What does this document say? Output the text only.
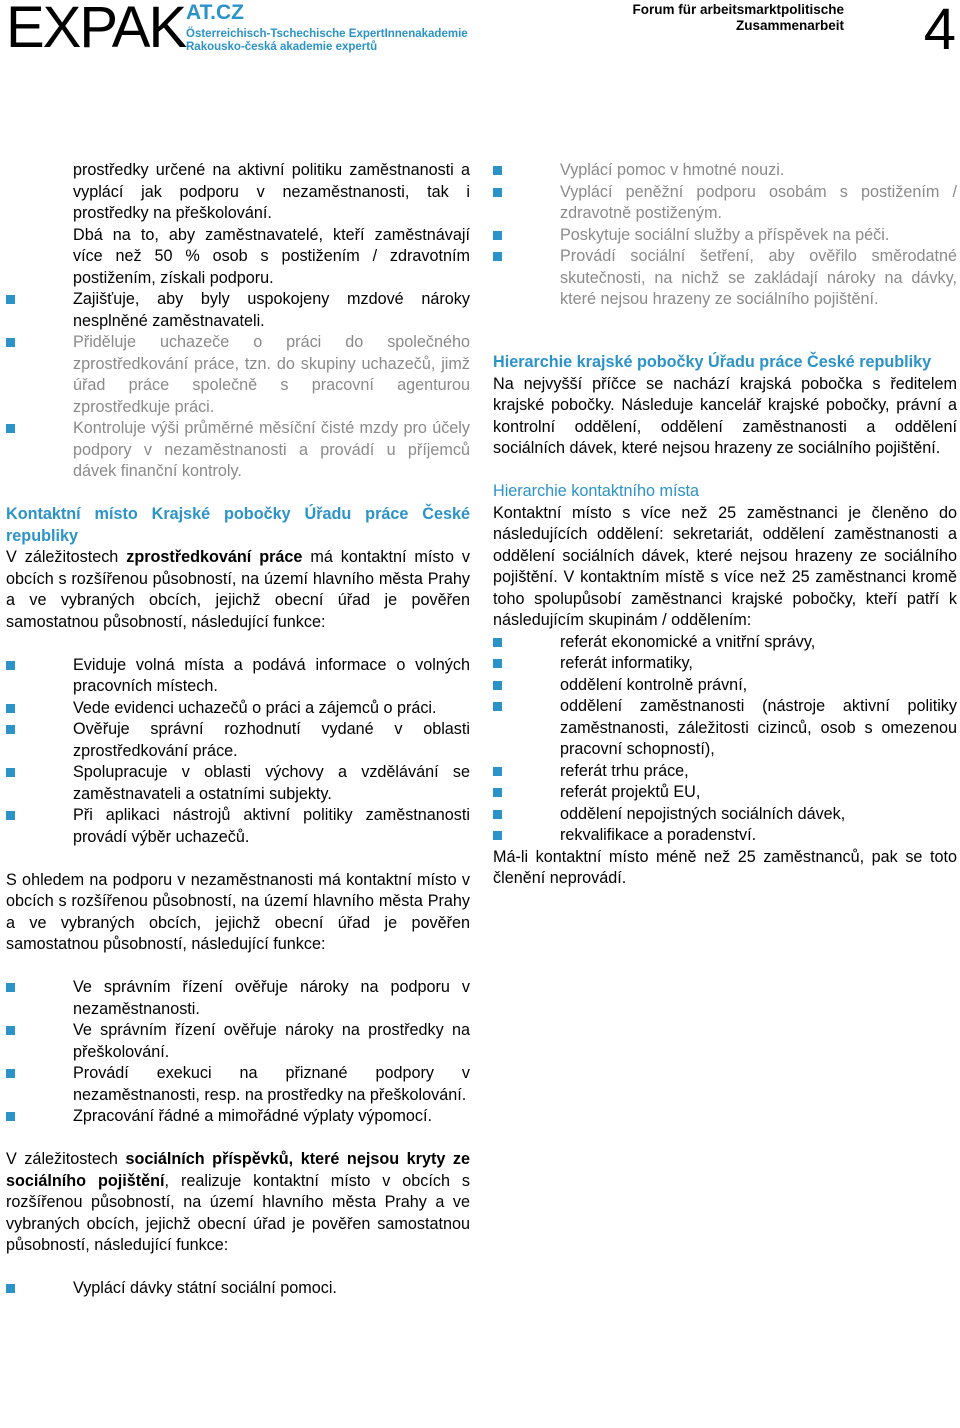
EXPAK AT.CZ
Österreichisch-Tschechische ExpertInnenakademie
Rakousko-česká akademie expertů
Forum für arbeitsmarktpolitische Zusammenarbeit 4
prostředky určené na aktivní politiku zaměstnanosti a vyplácí jak podporu v nezaměstnanosti, tak i prostředky na přeškolování.

Dbá na to, aby zaměstnavatelé, kteří zaměstnávají více než 50 % osob s postižením / zdravotním postižením, získali podporu.

Zajišťuje, aby byly uspokojeny mzdové nároky nesplněné zaměstnavateli.
Přiděluje uchazeče o práci do společného zprostředkování práce, tzn. do skupiny uchazečů, jimž úřad práce společně s pracovní agenturou zprostředkuje práci.
Kontroluje výši průměrné měsíční čisté mzdy pro účely podpory v nezaměstnanosti a provádí u příjemců dávek finanční kontroly.

Kontaktní místo Krajské pobočky Úřadu práce České republiky

V záležitostech zprostředkování práce má kontaktní místo v obcích s rozšířenou působností, na území hlavního města Prahy a ve vybraných obcích, jejichž obecní úřad je pověřen samostatnou působností, následující funkce:

Eviduje volná místa a podává informace o volných pracovních místech.
Vede evidenci uchazečů o práci a zájemců o práci.
Ověřuje správní rozhodnutí vydané v oblasti zprostředkování práce.
Spolupracuje v oblasti výchovy a vzdělávání se zaměstnavateli a ostatními subjekty.
Při aplikaci nástrojů aktivní politiky zaměstnanosti provádí výběr uchazečů.

S ohledem na podporu v nezaměstnanosti má kontaktní místo v obcích s rozšířenou působností, na území hlavního města Prahy a ve vybraných obcích, jejichž obecní úřad je pověřen samostatnou působností, následující funkce:

Ve správním řízení ověřuje nároky na podporu v nezaměstnanosti.
Ve správním řízení ověřuje nároky na prostředky na přeškolování.
Provádí exekuci na přiznané podpory v nezaměstnanosti, resp. na prostředky na přeškolování.
Zpracování řádné a mimořádné výplaty výpomocí.

V záležitostech sociálních příspěvků, které nejsou kryty ze sociálního pojištění, realizuje kontaktní místo v obcích s rozšířenou působností, na území hlavního města Prahy a ve vybraných obcích, jejichž obecní úřad je pověřen samostatnou působností, následující funkce:

Vyplácí dávky státní sociální pomoci.
Vyplácí pomoc v hmotné nouzi.
Vyplácí peněžní podporu osobám s postižením / zdravotně postiženým.
Poskytuje sociální služby a příspěvek na péči.
Provádí sociální šetření, aby ověřilo směrodatné skutečnosti, na nichž se zakládají nároky na dávky, které nejsou hrazeny ze sociálního pojištění.

Hierarchie krajské pobočky Úřadu práce České republiky

Na nejvyšší příčce se nachází krajská pobočka s ředitelem krajské pobočky. Následuje kancelář krajské pobočky, právní a kontrolní oddělení, oddělení zaměstnanosti a oddělení sociálních dávek, které nejsou hrazeny ze sociálního pojištění.

Hierarchie kontaktního místa

Kontaktní místo s více než 25 zaměstnanci je členěno do následujících oddělení: sekretariát, oddělení zaměstnanosti a oddělení sociálních dávek, které nejsou hrazeny ze sociálního pojištění. V kontaktním místě s více než 25 zaměstnanci kromě toho spolupůsobí zaměstnanci krajské pobočky, kteří patří k následujícím skupinám / oddělením:

referát ekonomické a vnitřní správy,
referát informatiky,
oddělení kontrolně právní,
oddělení zaměstnanosti (nástroje aktivní politiky zaměstnanosti, záležitosti cizinců, osob s omezenou pracovní schopností),
referát trhu práce,
referát projektů EU,
oddělení nepojistných sociálních dávek,
rekvalifikace a poradenství.

Má-li kontaktní místo méně než 25 zaměstnanců, pak se toto členění neprovádí.
